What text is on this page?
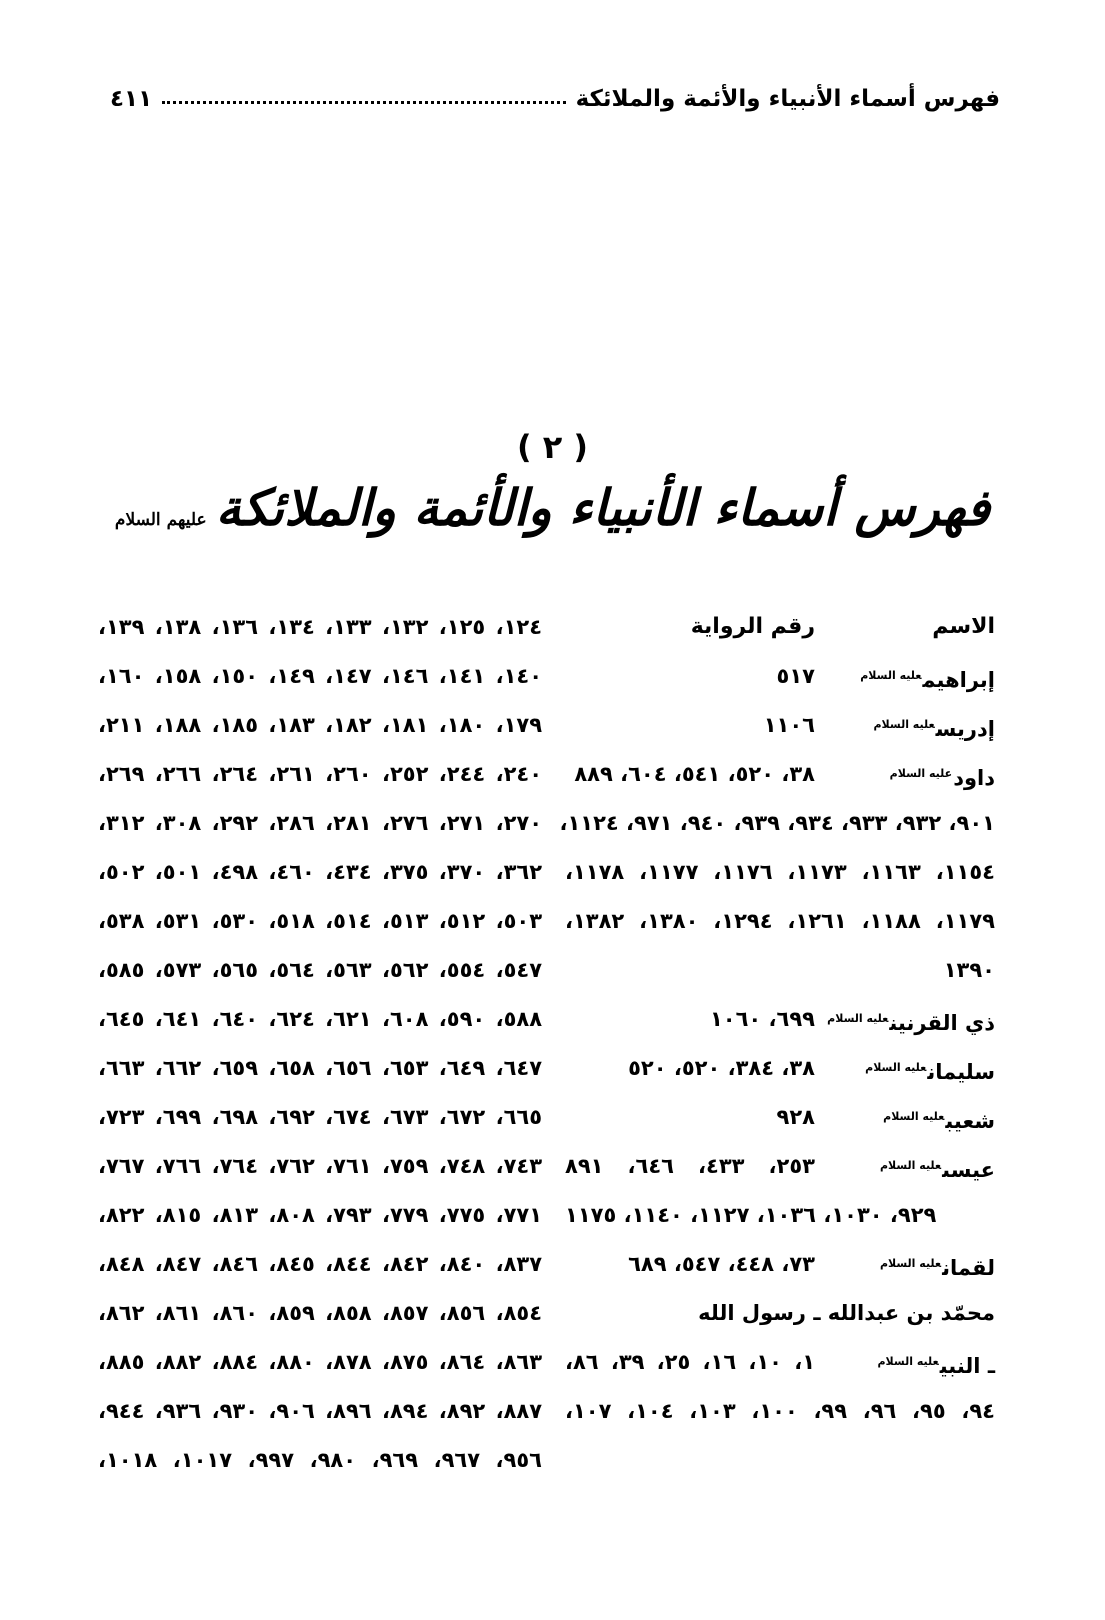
فهرس أسماء الأنبياء والأئمة والملائكة
٤١١
( ٢ )
فهرس أسماء الأنبياء والأئمة والملائكة عليهم السلام
الاسم
رقم الرواية
إبراهيم$^{عليه السلام}$
٥١٧
إدريس$^{عليه السلام}$
١١٠٦
داود$^{عليه السلام}$
٣٨، ٥٢٠، ٥٤١، ٦٠٤، ٨٨٩
٩٠١، ٩٣٢، ٩٣٣، ٩٣٤، ٩٣٩، ٩٤٠، ٩٧١، ١١٢٤،
١١٥٤، ١١٦٣، ١١٧٣، ١١٧٦، ١١٧٧، ١١٧٨،
١١٧٩، ١١٨٨، ١٢٦١، ١٢٩٤، ١٣٨٠، ١٣٨٢،
١٣٩٠
ذي القرنين$^{عليه السلام}$
٦٩٩، ١٠٦٠
سليمان$^{عليه السلام}$
٣٨، ٣٨٤، ٥٢٠، ٥٢٠
شعيب$^{عليه السلام}$
٩٢٨
عيسى$^{عليه السلام}$
٢٥٣، ٤٣٣، ٦٤٦، ٨٩١
٩٢٩، ١٠٣٠، ١٠٣٦، ١١٢٧، ١١٤٠، ١١٧٥
لقمان$^{عليه السلام}$
٧٣، ٤٤٨، ٥٤٧، ٦٨٩
محمّد بن عبدالله ـ رسول الله
ـ النبي$^{عليه السلام}$
١، ١٠، ١٦، ٢٥، ٣٩، ٨٦،
٩٤، ٩٥، ٩٦، ٩٩، ١٠٠، ١٠٣، ١٠٤، ١٠٧،
١٢٤، ١٢٥، ١٣٢، ١٣٣، ١٣٤، ١٣٦، ١٣٨، ١٣٩،
١٤٠، ١٤١، ١٤٦، ١٤٧، ١٤٩، ١٥٠، ١٥٨، ١٦٠،
١٧٩، ١٨٠، ١٨١، ١٨٢، ١٨٣، ١٨٥، ١٨٨، ٢١١،
٢٤٠، ٢٤٤، ٢٥٢، ٢٦٠، ٢٦١، ٢٦٤، ٢٦٦، ٢٦٩،
٢٧٠، ٢٧١، ٢٧٦، ٢٨١، ٢٨٦، ٢٩٢، ٣٠٨، ٣١٢،
٣٦٢، ٣٧٠، ٣٧٥، ٤٣٤، ٤٦٠، ٤٩٨، ٥٠١، ٥٠٢،
٥٠٣، ٥١٢، ٥١٣، ٥١٤، ٥١٨، ٥٣٠، ٥٣١، ٥٣٨،
٥٤٧، ٥٥٤، ٥٦٢، ٥٦٣، ٥٦٤، ٥٦٥، ٥٧٣، ٥٨٥،
٥٨٨، ٥٩٠، ٦٠٨، ٦٢١، ٦٢٤، ٦٤٠، ٦٤١، ٦٤٥،
٦٤٧، ٦٤٩، ٦٥٣، ٦٥٦، ٦٥٨، ٦٥٩، ٦٦٢، ٦٦٣،
٦٦٥، ٦٧٢، ٦٧٣، ٦٧٤، ٦٩٢، ٦٩٨، ٦٩٩، ٧٢٣،
٧٤٣، ٧٤٨، ٧٥٩، ٧٦١، ٧٦٢، ٧٦٤، ٧٦٦، ٧٦٧،
٧٧١، ٧٧٥، ٧٧٩، ٧٩٣، ٨٠٨، ٨١٣، ٨١٥، ٨٢٢،
٨٣٧، ٨٤٠، ٨٤٢، ٨٤٤، ٨٤٥، ٨٤٦، ٨٤٧، ٨٤٨،
٨٥٤، ٨٥٦، ٨٥٧، ٨٥٨، ٨٥٩، ٨٦٠، ٨٦١، ٨٦٢،
٨٦٣، ٨٦٤، ٨٧٥، ٨٧٨، ٨٨٠، ٨٨٤، ٨٨٢، ٨٨٥،
٨٨٧، ٨٩٢، ٨٩٤، ٨٩٦، ٩٠٦، ٩٣٠، ٩٣٦، ٩٤٤،
٩٥٦، ٩٦٧، ٩٦٩، ٩٨٠، ٩٩٧، ١٠١٧، ١٠١٨،
